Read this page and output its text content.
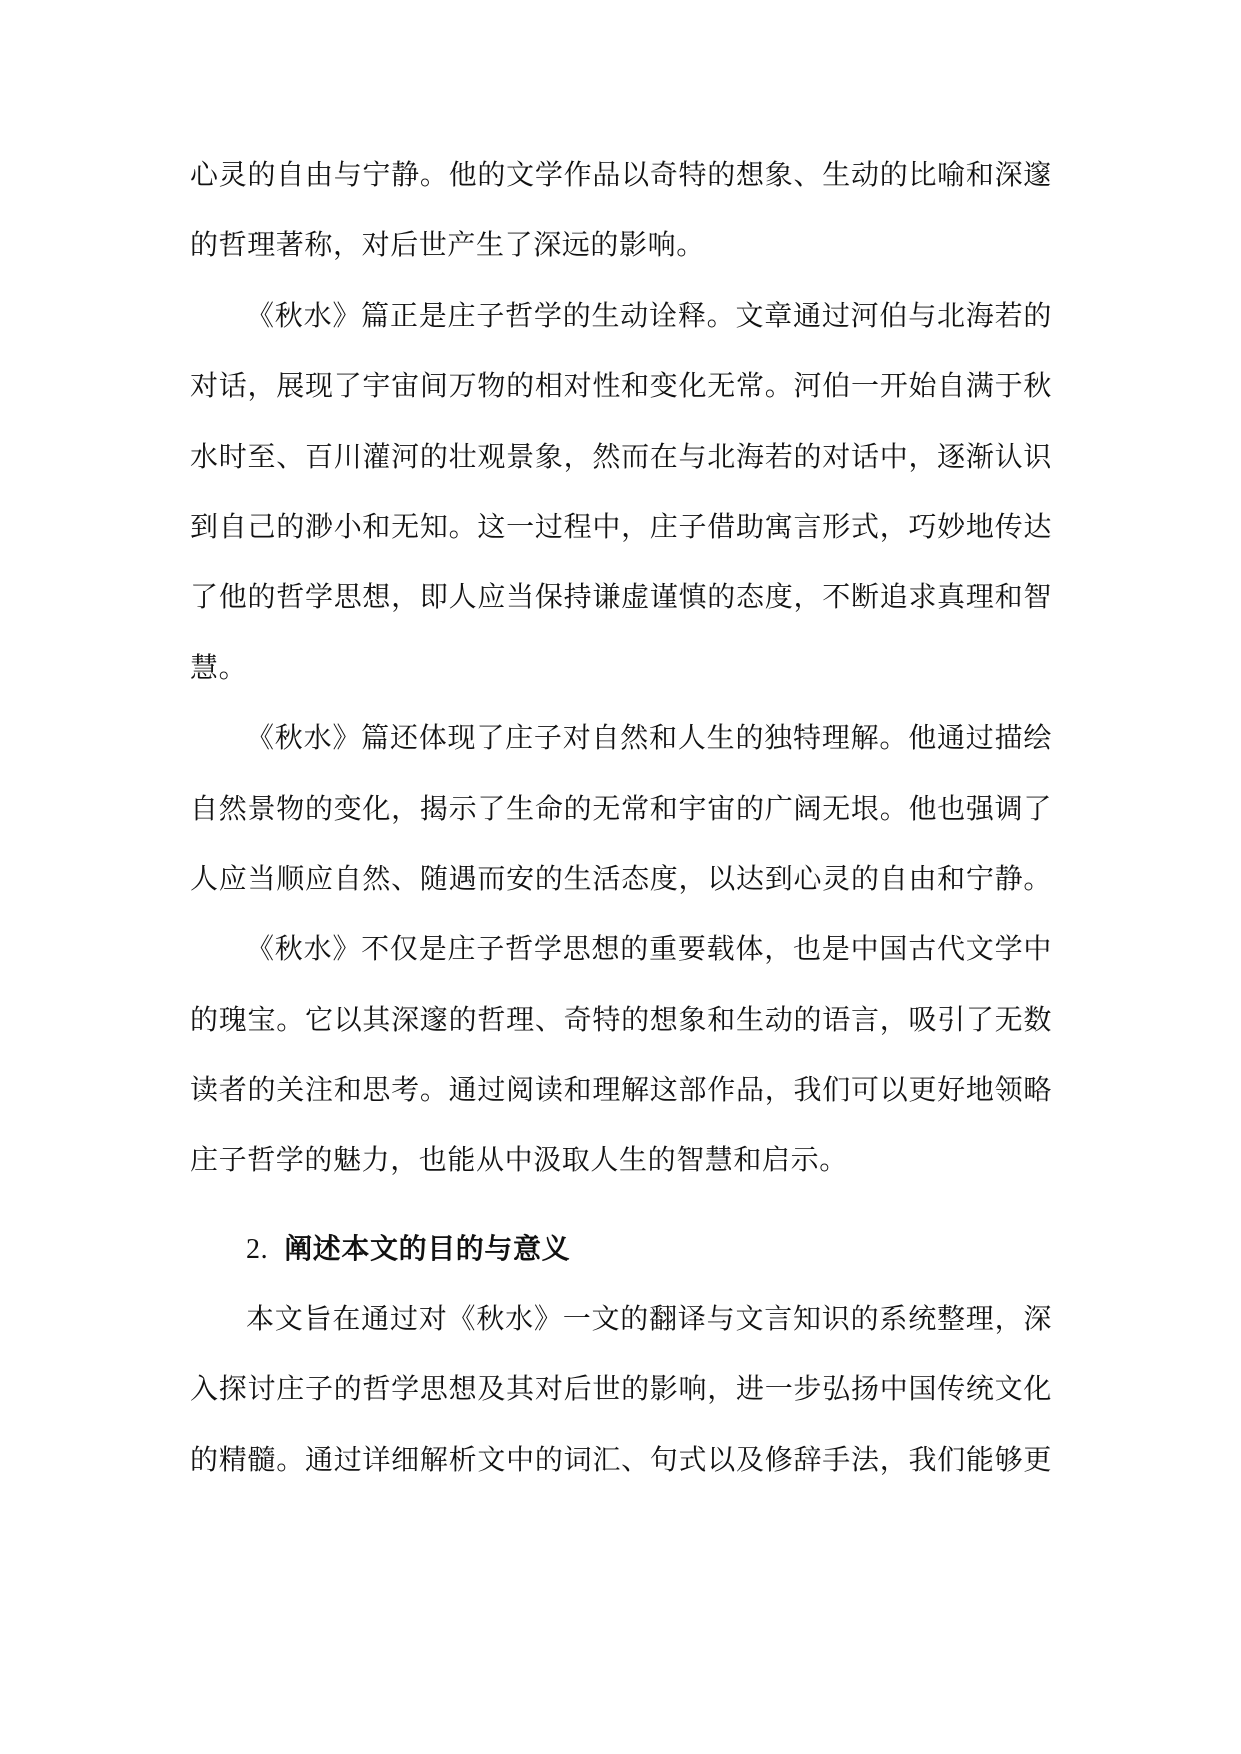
心灵的自由与宁静。他的文学作品以奇特的想象、生动的比喻和深邃
的哲理著称，对后世产生了深远的影响。
《秋水》篇正是庄子哲学的生动诠释。文章通过河伯与北海若的
对话，展现了宇宙间万物的相对性和变化无常。河伯一开始自满于秋
水时至、百川灌河的壮观景象，然而在与北海若的对话中，逐渐认识
到自己的渺小和无知。这一过程中，庄子借助寓言形式，巧妙地传达
了他的哲学思想，即人应当保持谦虚谨慎的态度，不断追求真理和智
慧。
《秋水》篇还体现了庄子对自然和人生的独特理解。他通过描绘
自然景物的变化，揭示了生命的无常和宇宙的广阔无垠。他也强调了
人应当顺应自然、随遇而安的生活态度，以达到心灵的自由和宁静。
《秋水》不仅是庄子哲学思想的重要载体，也是中国古代文学中
的瑰宝。它以其深邃的哲理、奇特的想象和生动的语言，吸引了无数
读者的关注和思考。通过阅读和理解这部作品，我们可以更好地领略
庄子哲学的魅力，也能从中汲取人生的智慧和启示。
2. 阐述本文的目的与意义
本文旨在通过对《秋水》一文的翻译与文言知识的系统整理，深
入探讨庄子的哲学思想及其对后世的影响，进一步弘扬中国传统文化
的精髓。通过详细解析文中的词汇、句式以及修辞手法，我们能够更
